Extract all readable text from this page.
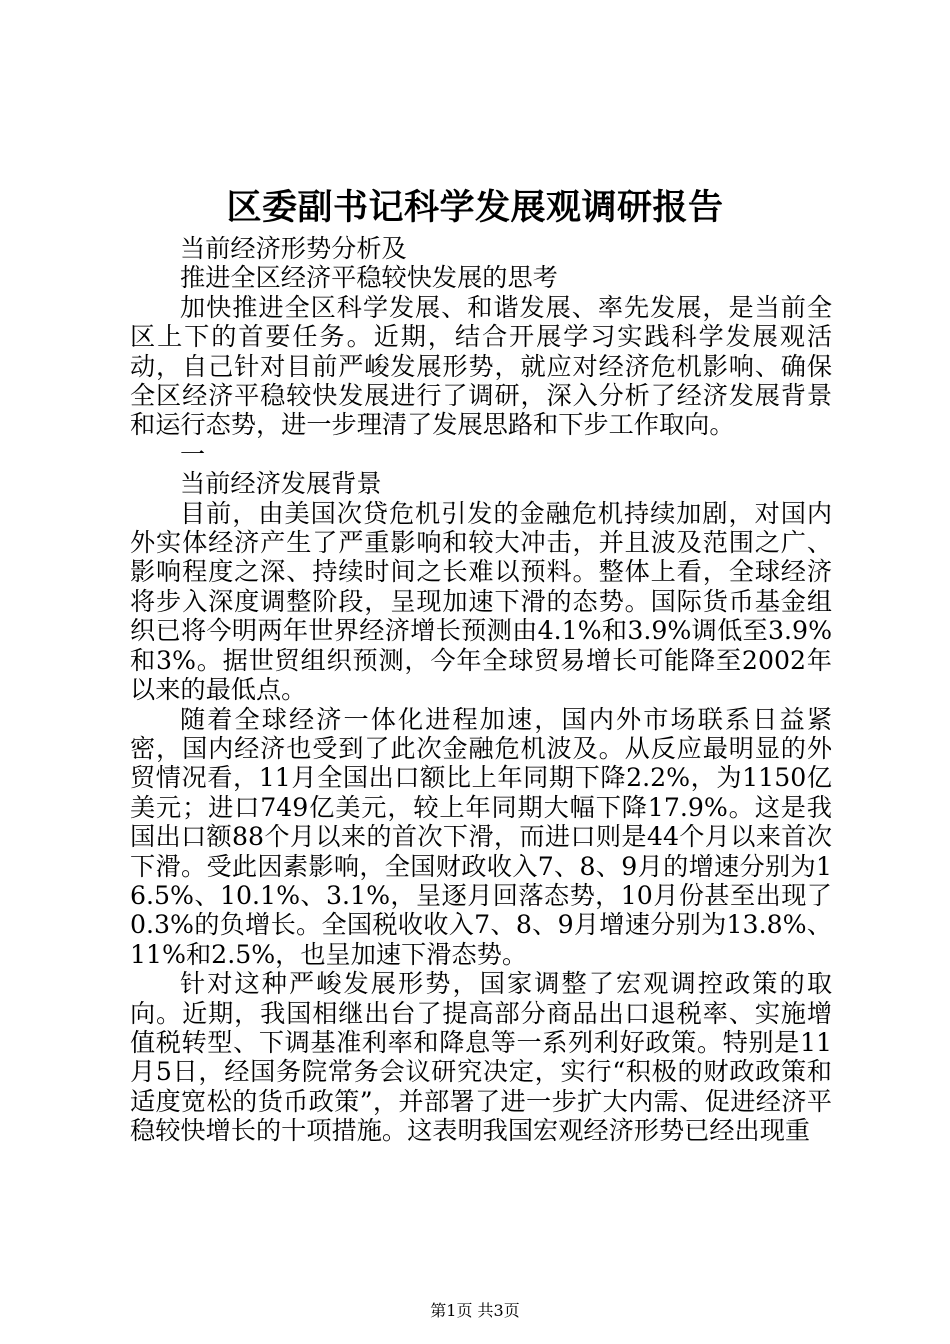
区委副书记科学发展观调研报告

当前经济形势分析及

推进全区经济平稳较快发展的思考

加快推进全区科学发展、和谐发展、率先发展，是当前全区上下的首要任务。近期，结合开展学习实践科学发展观活动，自己针对目前严峻发展形势，就应对经济危机影响、确保全区经济平稳较快发展进行了调研，深入分析了经济发展背景和运行态势，进一步理清了发展思路和下步工作取向。

一

当前经济发展背景

目前，由美国次贷危机引发的金融危机持续加剧，对国内外实体经济产生了严重影响和较大冲击，并且波及范围之广、影响程度之深、持续时间之长难以预料。整体上看，全球经济将步入深度调整阶段，呈现加速下滑的态势。国际货币基金组织已将今明两年世界经济增长预测由4.1%和3.9%调低至3.9%和3%。据世贸组织预测，今年全球贸易增长可能降至2002年以来的最低点。

随着全球经济一体化进程加速，国内外市场联系日益紧密，国内经济也受到了此次金融危机波及。从反应最明显的外贸情况看，11月全国出口额比上年同期下降2.2%，为1150亿美元；进口749亿美元，较上年同期大幅下降17.9%。这是我国出口额88个月以来的首次下滑，而进口则是44个月以来首次下滑。受此因素影响，全国财政收入7、8、9月的增速分别为16.5%、10.1%、3.1%，呈逐月回落态势，10月份甚至出现了0.3%的负增长。全国税收收入7、8、9月增速分别为13.8%、11%和2.5%，也呈加速下滑态势。

针对这种严峻发展形势，国家调整了宏观调控政策的取向。近期，我国相继出台了提高部分商品出口退税率、实施增值税转型、下调基准利率和降息等一系列利好政策。特别是11月5日，经国务院常务会议研究决定，实行“积极的财政政策和适度宽松的货币政策”，并部署了进一步扩大内需、促进经济平稳较快增长的十项措施。这表明我国宏观经济形势已经出现重

第1页 共3页
